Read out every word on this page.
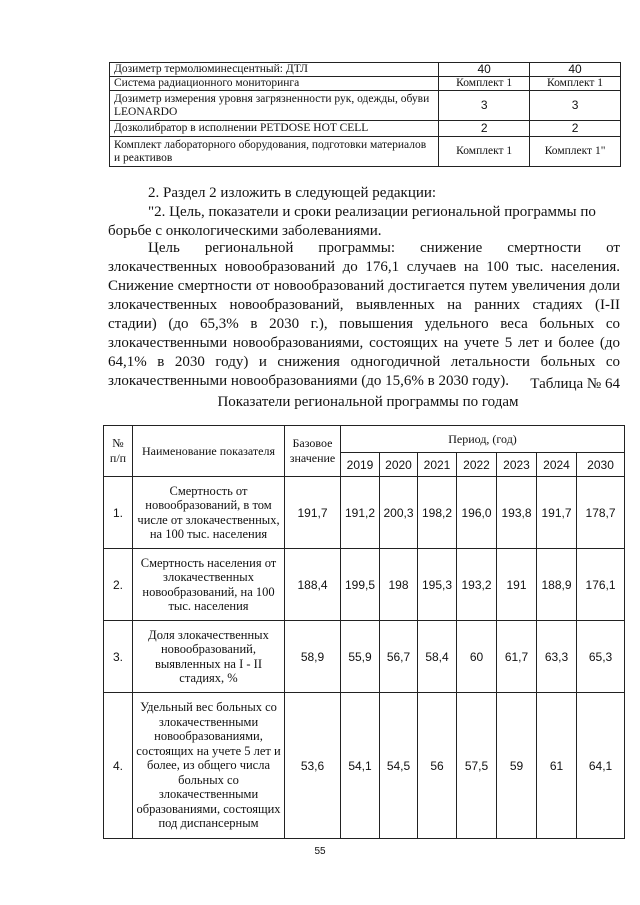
Дозиметр термолюминесцентный: ДТЛ	40	40
Система радиационного мониторинга	Комплект 1	Комплект 1
Дозиметр измерения уровня загрязненности рук, одежды, обуви LEONARDO	3	3
Дозколибратор в исполнении PETDOSE HOT CELL	2	2
Комплект лабораторного оборудования, подготовки материалов и реактивов	Комплект 1	Комплект 1"
2. Раздел 2 изложить в следующей редакции:
"2. Цель, показатели и сроки реализации региональной программы по борьбе с онкологическими заболеваниями.
Цель региональной программы: снижение смертности от злокачественных новообразований до 176,1 случаев на 100 тыс. населения. Снижение смертности от новообразований достигается путем увеличения доли злокачественных новообразований, выявленных на ранних стадиях (I-II стадии) (до 65,3% в 2030 г.), повышения удельного веса больных со злокачественными новообразованиями, состоящих на учете 5 лет и более (до 64,1% в 2030 году) и снижения одногодичной летальности больных со злокачественными новообразованиями (до 15,6% в 2030 году).	Таблица № 64
Показатели региональной программы по годам
№ п/п	Наименование показателя	Базовое значение	Период, (год)						
			2019	2020	2021	2022	2023	2024	2030
1.	Смертность от новообразований, в том числе от злокачественных, на 100 тыс. населения	191,7	191,2	200,3	198,2	196,0	193,8	191,7	178,7
2.	Смертность населения от злокачественных новообразований, на 100 тыс. населения	188,4	199,5	198	195,3	193,2	191	188,9	176,1
3.	Доля злокачественных новообразований, выявленных на I - II стадиях, %	58,9	55,9	56,7	58,4	60	61,7	63,3	65,3
4.	Удельный вес больных со злокачественными новообразованиями, состоящих на учете 5 лет и более, из общего числа больных со злокачественными образованиями, состоящих под диспансерным	53,6	54,1	54,5	56	57,5	59	61	64,1
55
